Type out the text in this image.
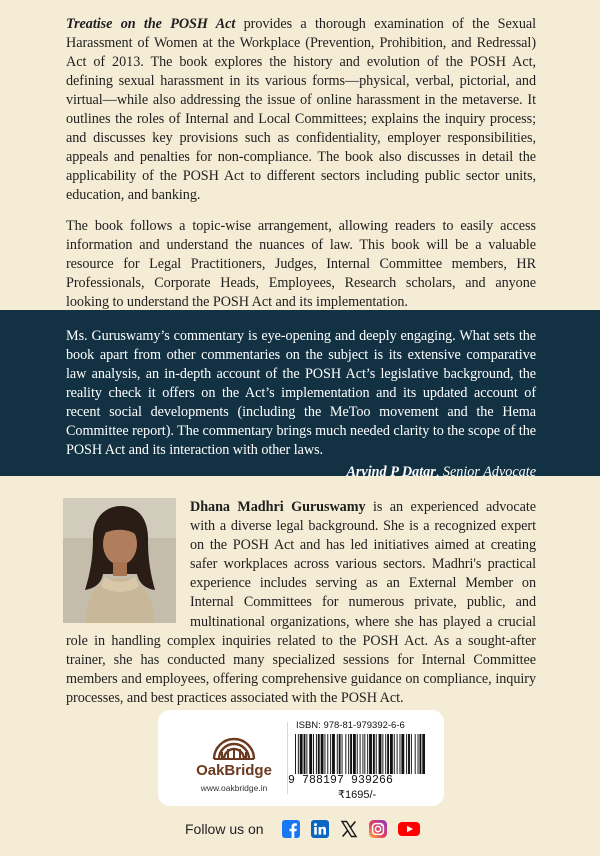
Treatise on the POSH Act provides a thorough examination of the Sexual Harassment of Women at the Workplace (Prevention, Prohibition, and Redressal) Act of 2013. The book explores the history and evolution of the POSH Act, defining sexual harassment in its various forms—physical, verbal, pictorial, and virtual—while also addressing the issue of online harassment in the metaverse. It outlines the roles of Internal and Local Committees; explains the inquiry process; and discusses key provisions such as confidentiality, employer responsibilities, appeals and penalties for non-compliance. The book also discusses in detail the applicability of the POSH Act to different sectors including public sector units, education, and banking.

The book follows a topic-wise arrangement, allowing readers to easily access information and understand the nuances of law. This book will be a valuable resource for Legal Practitioners, Judges, Internal Committee members, HR Professionals, Corporate Heads, Employees, Research scholars, and anyone looking to understand the POSH Act and its implementation.

Ms. Guruswamy’s commentary is eye-opening and deeply engaging. What sets the book apart from other commentaries on the subject is its extensive comparative law analysis, an in-depth account of the POSH Act’s legislative background, the reality check it offers on the Act’s implementation and its updated account of recent social developments (including the MeToo movement and the Hema Committee report). The commentary brings much needed clarity to the scope of the POSH Act and its interaction with other laws.

Arvind P Datar, Senior Advocate

Dhana Madhri Guruswamy is an experienced advocate with a diverse legal background. She is a recognized expert on the POSH Act and has led initiatives aimed at creating safer workplaces across various sectors. Madhri's practical experience includes serving as an External Member on Internal Committees for numerous private, public, and multinational organizations, where she has played a crucial role in handling complex inquiries related to the POSH Act. As a sought-after trainer, she has conducted many specialized sessions for Internal Committee members and employees, offering comprehensive guidance on compliance, inquiry processes, and best practices associated with the POSH Act.

OakBridge
www.oakbridge.in
ISBN: 978-81-979392-6-6
9 788197 939266
₹1695/-
Follow us on
